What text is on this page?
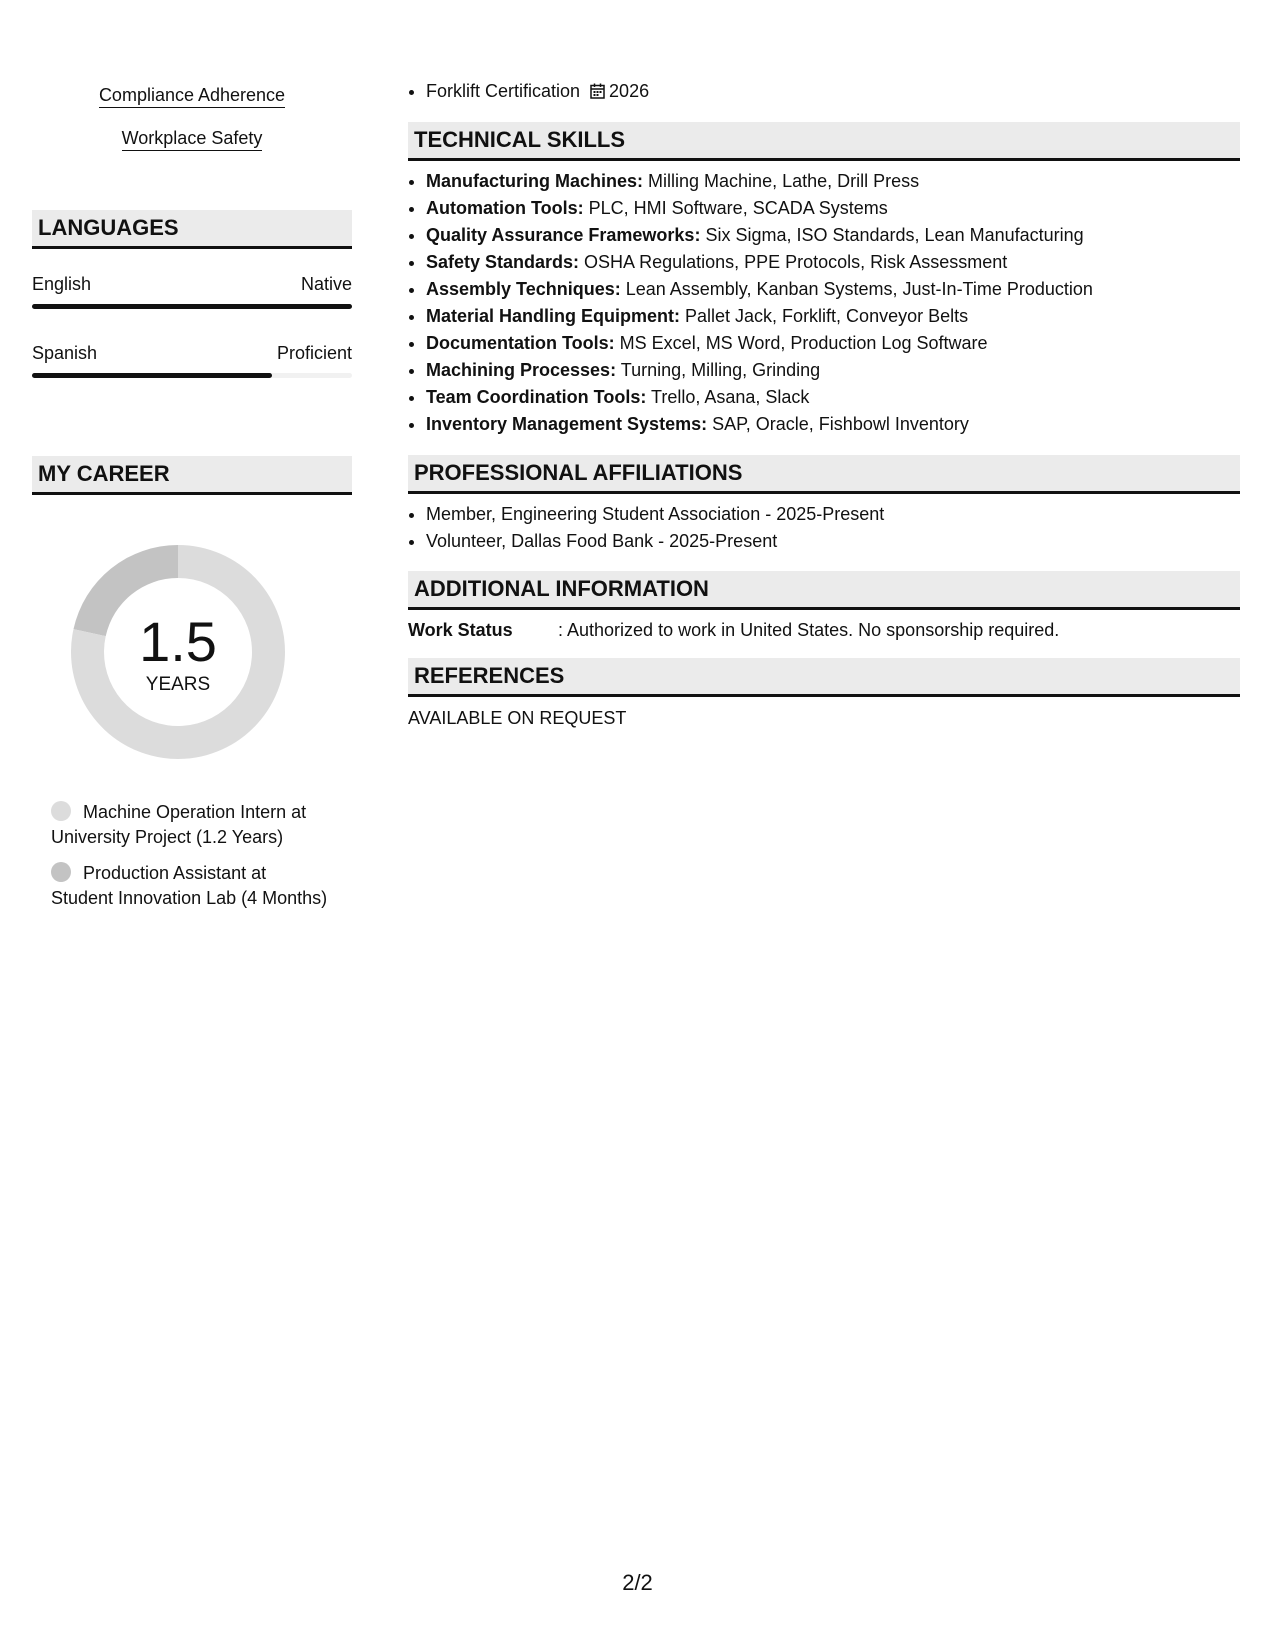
Compliance Adherence
Workplace Safety
LANGUAGES
English	Native
Spanish	Proficient
MY CAREER
1.5
YEARS
Machine Operation Intern at University Project (1.2 Years)
Production Assistant at Student Innovation Lab (4 Months)
• Forklift Certification 2026
TECHNICAL SKILLS
• Manufacturing Machines: Milling Machine, Lathe, Drill Press
• Automation Tools: PLC, HMI Software, SCADA Systems
• Quality Assurance Frameworks: Six Sigma, ISO Standards, Lean Manufacturing
• Safety Standards: OSHA Regulations, PPE Protocols, Risk Assessment
• Assembly Techniques: Lean Assembly, Kanban Systems, Just-In-Time Production
• Material Handling Equipment: Pallet Jack, Forklift, Conveyor Belts
• Documentation Tools: MS Excel, MS Word, Production Log Software
• Machining Processes: Turning, Milling, Grinding
• Team Coordination Tools: Trello, Asana, Slack
• Inventory Management Systems: SAP, Oracle, Fishbowl Inventory
PROFESSIONAL AFFILIATIONS
• Member, Engineering Student Association - 2025-Present
• Volunteer, Dallas Food Bank - 2025-Present
ADDITIONAL INFORMATION
Work Status	: Authorized to work in United States. No sponsorship required.
REFERENCES
AVAILABLE ON REQUEST
2/2
